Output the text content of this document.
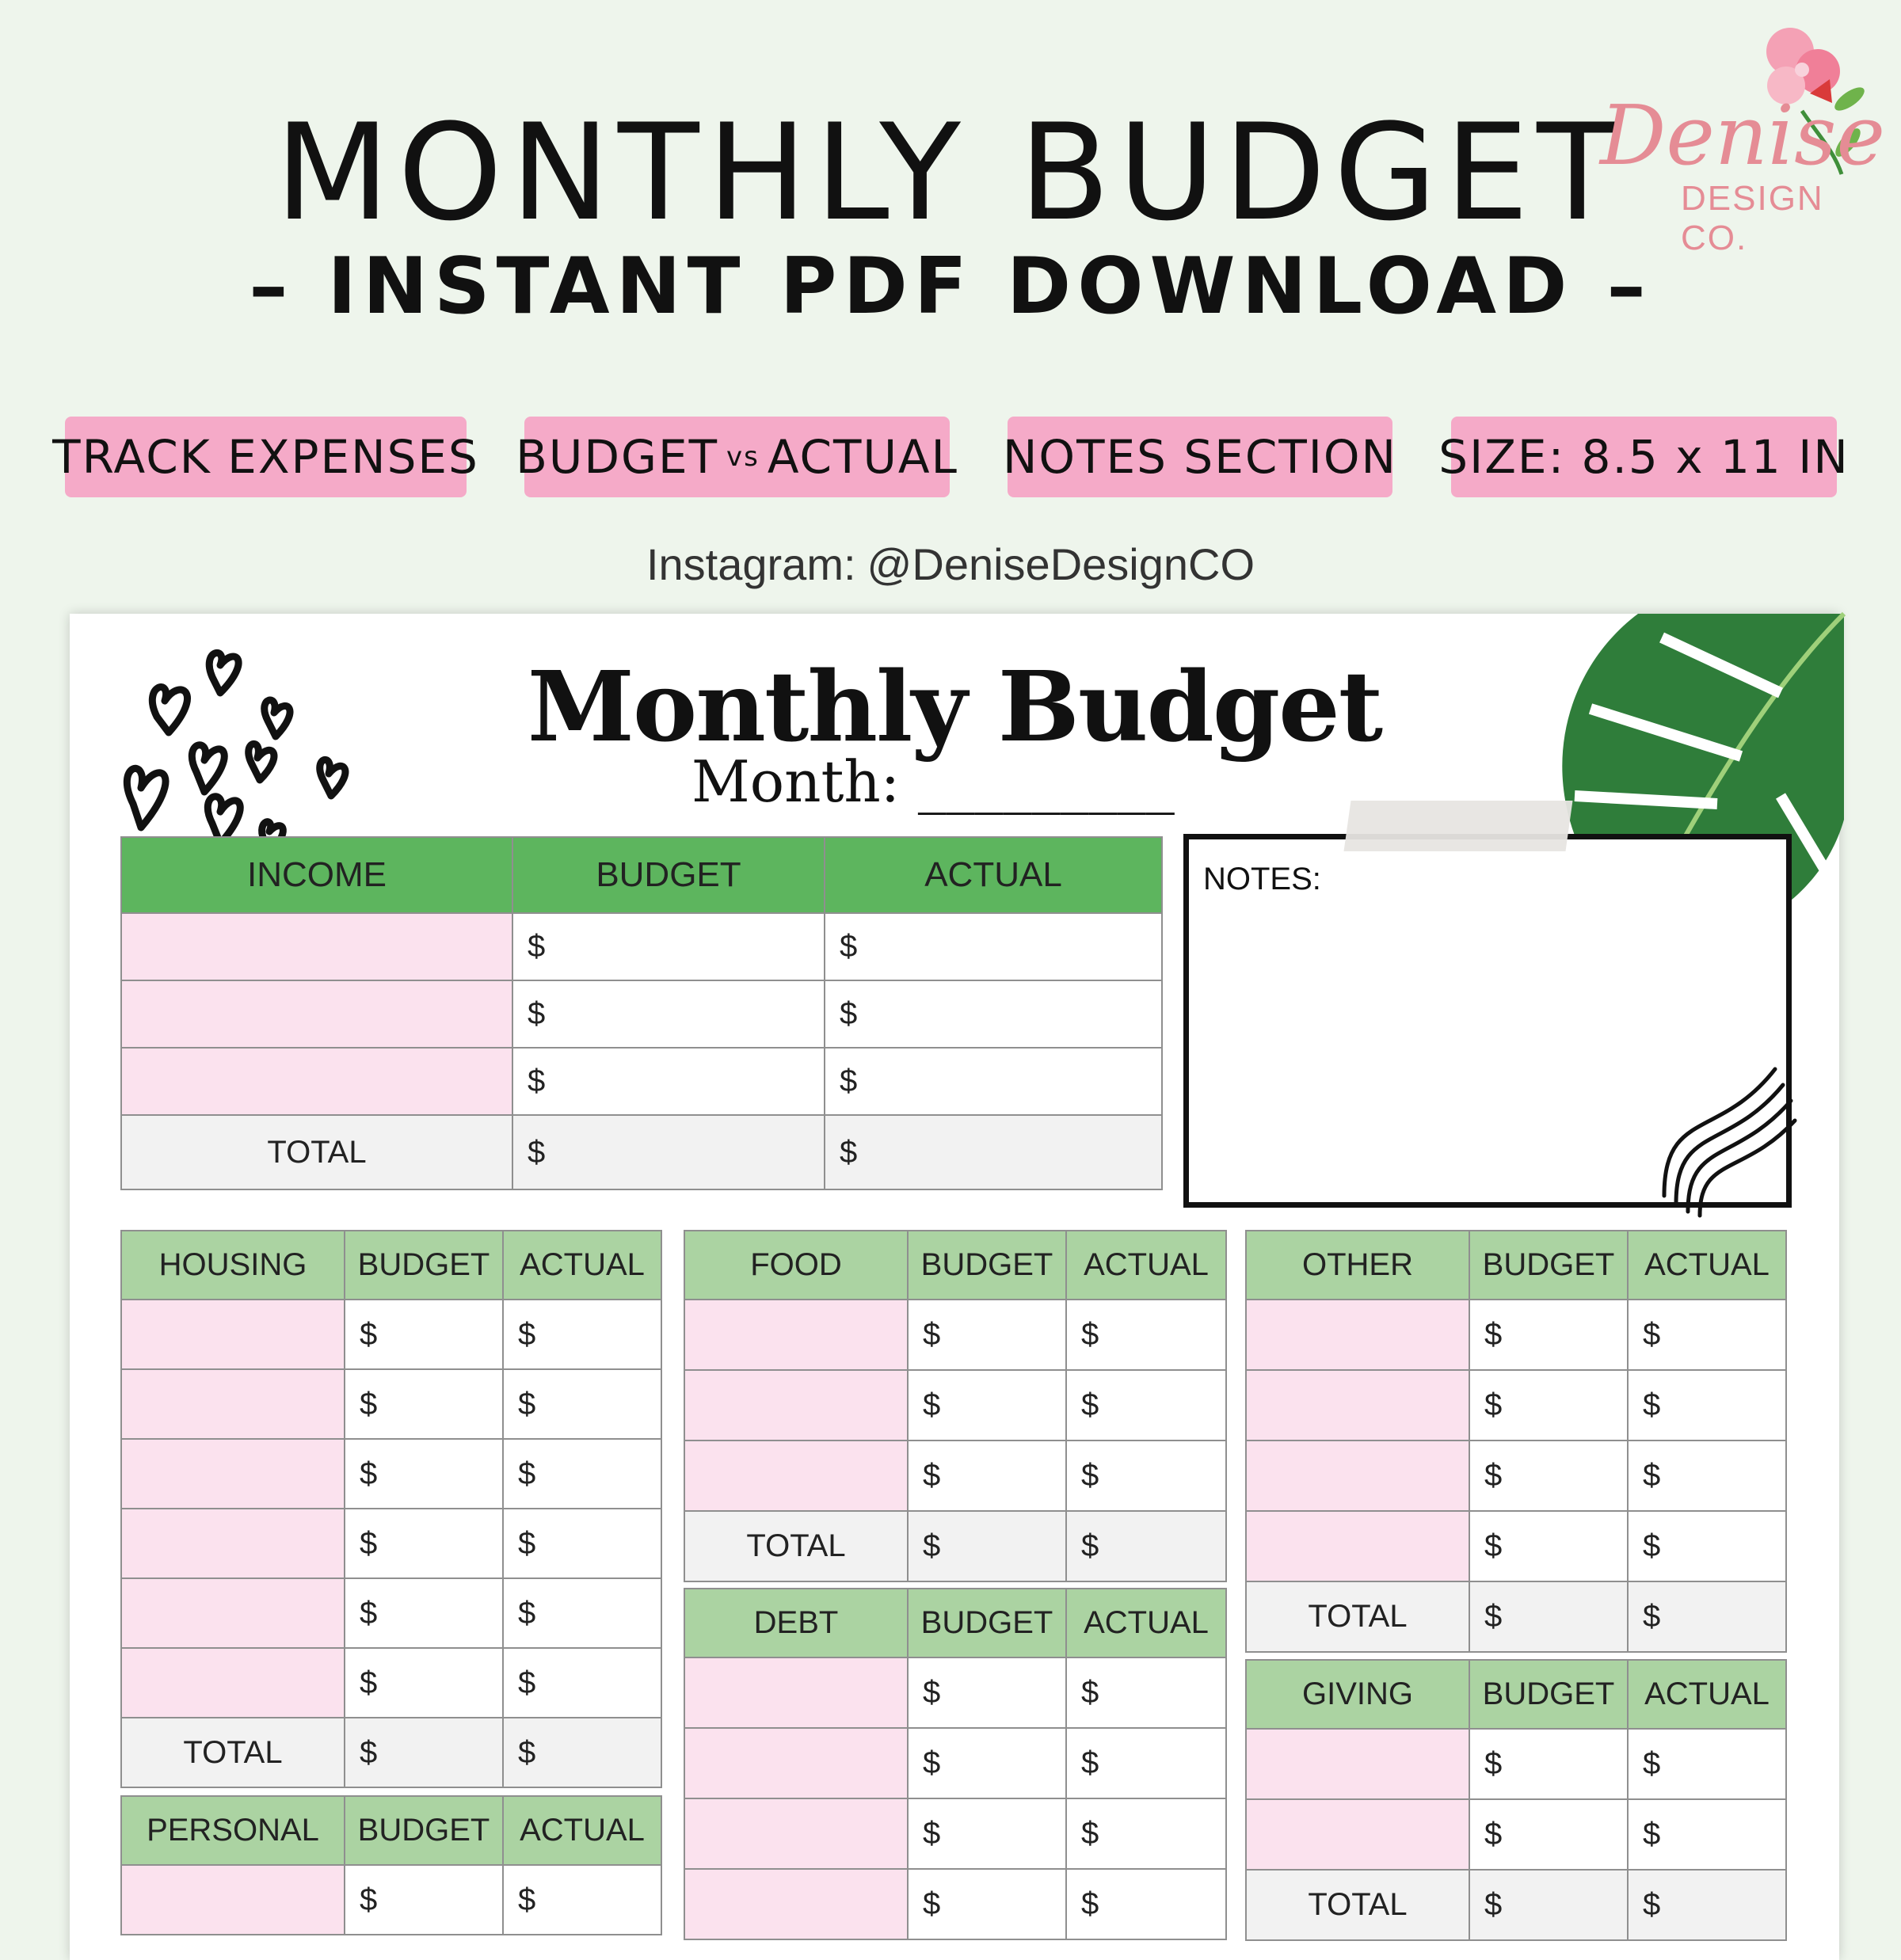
MONTHLY BUDGET
– INSTANT PDF DOWNLOAD –
Denise
DESIGN CO.
TRACK EXPENSES BUDGET vs ACTUAL NOTES SECTION SIZE: 8.5 x 11 IN
Instagram: @DeniseDesignCO
Monthly Budget
Month: _________
INCOME	BUDGET	ACTUAL
	$	$
	$	$
	$	$
TOTAL	$	$
NOTES:
HOUSING	BUDGET	ACTUAL
	$	$
	$	$
	$	$
	$	$
	$	$
	$	$
TOTAL	$	$
PERSONAL	BUDGET	ACTUAL
	$	$
FOOD	BUDGET	ACTUAL
	$	$
	$	$
	$	$
TOTAL	$	$
DEBT	BUDGET	ACTUAL
	$	$
	$	$
	$	$
	$	$
OTHER	BUDGET	ACTUAL
	$	$
	$	$
	$	$
	$	$
TOTAL	$	$
GIVING	BUDGET	ACTUAL
	$	$
	$	$
TOTAL	$	$
